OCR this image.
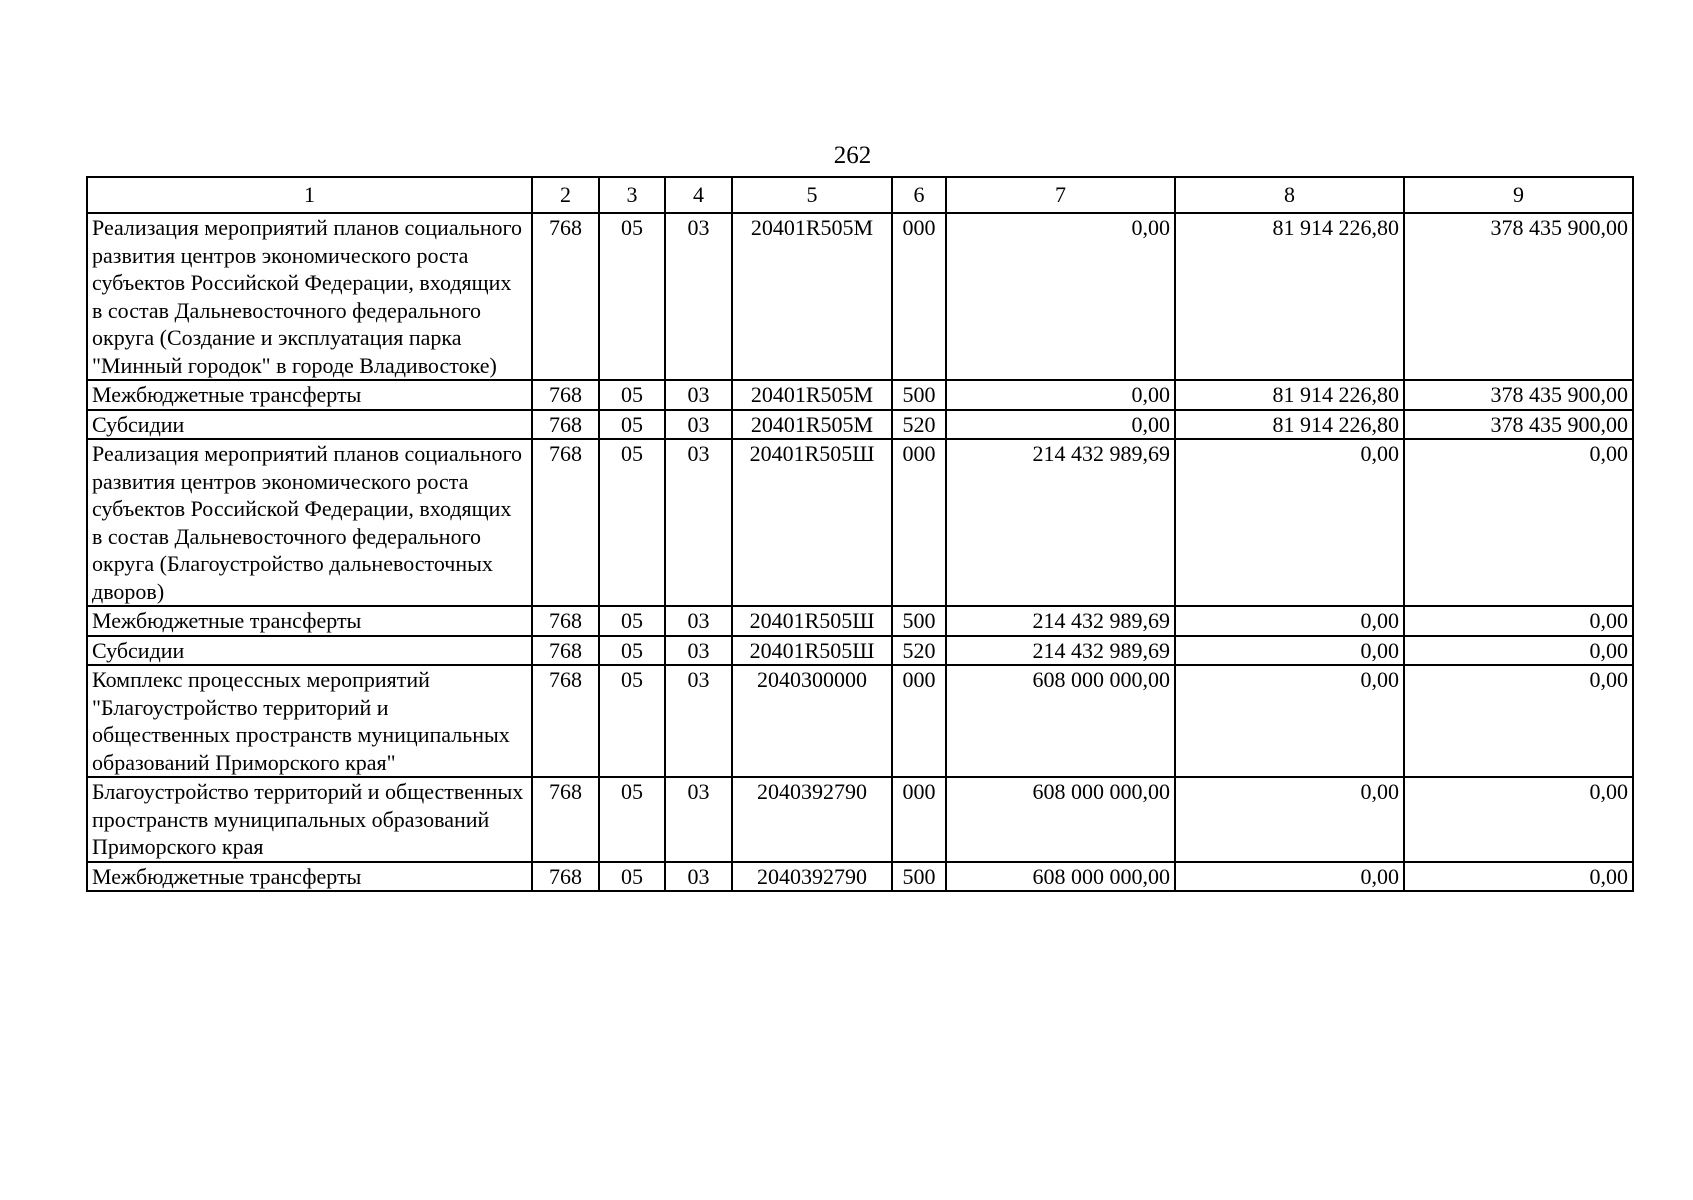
262
1	2	3	4	5	6	7	8	9
Реализация мероприятий планов социального развития центров экономического роста субъектов Российской Федерации, входящих в состав Дальневосточного федерального округа (Создание и эксплуатация парка "Минный городок" в городе Владивостоке)	768	05	03	20401R505M	000	0,00	81 914 226,80	378 435 900,00
Межбюджетные трансферты	768	05	03	20401R505M	500	0,00	81 914 226,80	378 435 900,00
Субсидии	768	05	03	20401R505M	520	0,00	81 914 226,80	378 435 900,00
Реализация мероприятий планов социального развития центров экономического роста субъектов Российской Федерации, входящих в состав Дальневосточного федерального округа (Благоустройство дальневосточных дворов)	768	05	03	20401R505Ш	000	214 432 989,69	0,00	0,00
Межбюджетные трансферты	768	05	03	20401R505Ш	500	214 432 989,69	0,00	0,00
Субсидии	768	05	03	20401R505Ш	520	214 432 989,69	0,00	0,00
Комплекс процессных мероприятий "Благоустройство территорий и общественных пространств муниципальных образований Приморского края"	768	05	03	2040300000	000	608 000 000,00	0,00	0,00
Благоустройство территорий и общественных пространств муниципальных образований Приморского края	768	05	03	2040392790	000	608 000 000,00	0,00	0,00
Межбюджетные трансферты	768	05	03	2040392790	500	608 000 000,00	0,00	0,00
